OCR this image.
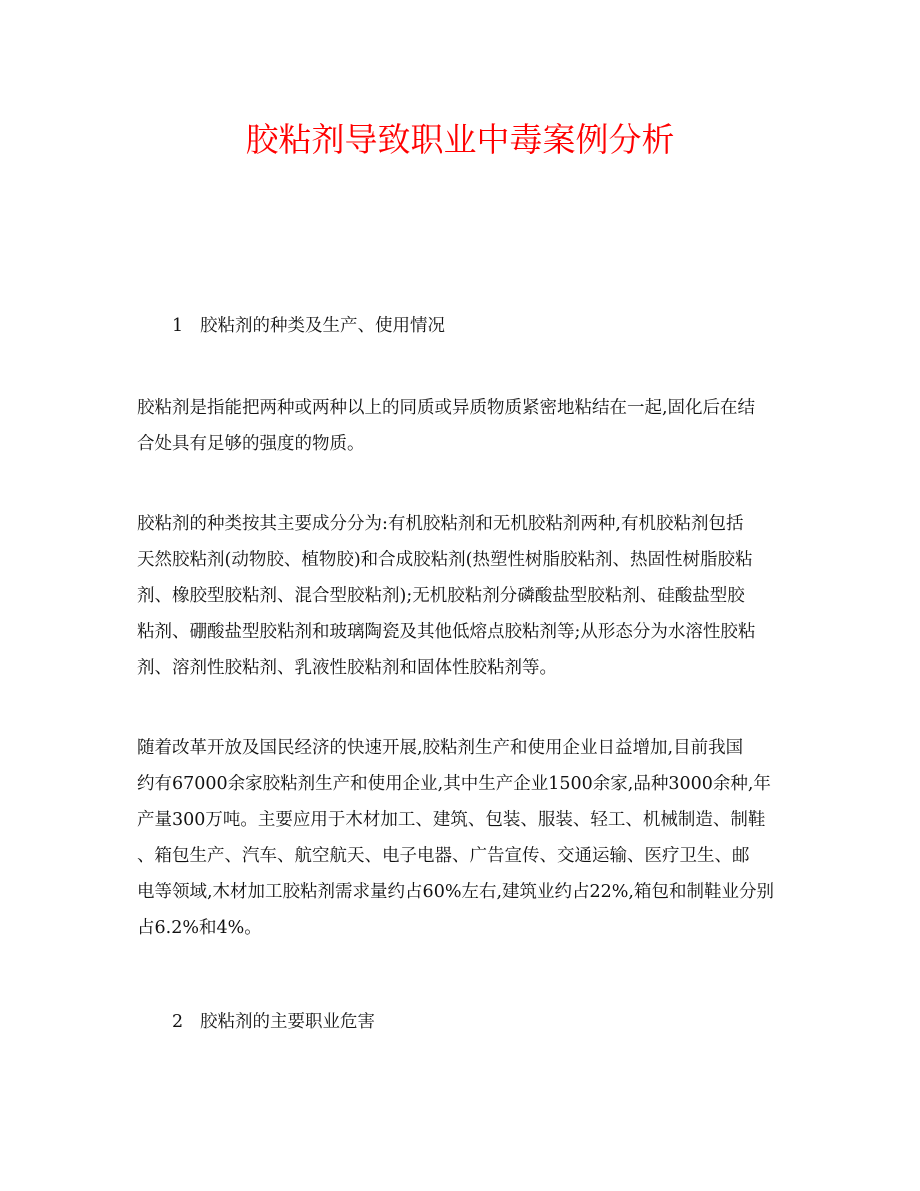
胶粘剂导致职业中毒案例分析
1 胶粘剂的种类及生产、使用情况
胶粘剂是指能把两种或两种以上的同质或异质物质紧密地粘结在一起,固化后在结
合处具有足够的强度的物质。
胶粘剂的种类按其主要成分分为:有机胶粘剂和无机胶粘剂两种,有机胶粘剂包括
天然胶粘剂(动物胶、植物胶)和合成胶粘剂(热塑性树脂胶粘剂、热固性树脂胶粘
剂、橡胶型胶粘剂、混合型胶粘剂);无机胶粘剂分磷酸盐型胶粘剂、硅酸盐型胶
粘剂、硼酸盐型胶粘剂和玻璃陶瓷及其他低熔点胶粘剂等;从形态分为水溶性胶粘
剂、溶剂性胶粘剂、乳液性胶粘剂和固体性胶粘剂等。
随着改革开放及国民经济的快速开展,胶粘剂生产和使用企业日益增加,目前我国
约有67000余家胶粘剂生产和使用企业,其中生产企业1500余家,品种3000余种,年
产量300万吨。主要应用于木材加工、建筑、包装、服装、轻工、机械制造、制鞋
、箱包生产、汽车、航空航天、电子电器、广告宣传、交通运输、医疗卫生、邮
电等领域,木材加工胶粘剂需求量约占60%左右,建筑业约占22%,箱包和制鞋业分别
占6.2%和4%。
2 胶粘剂的主要职业危害
